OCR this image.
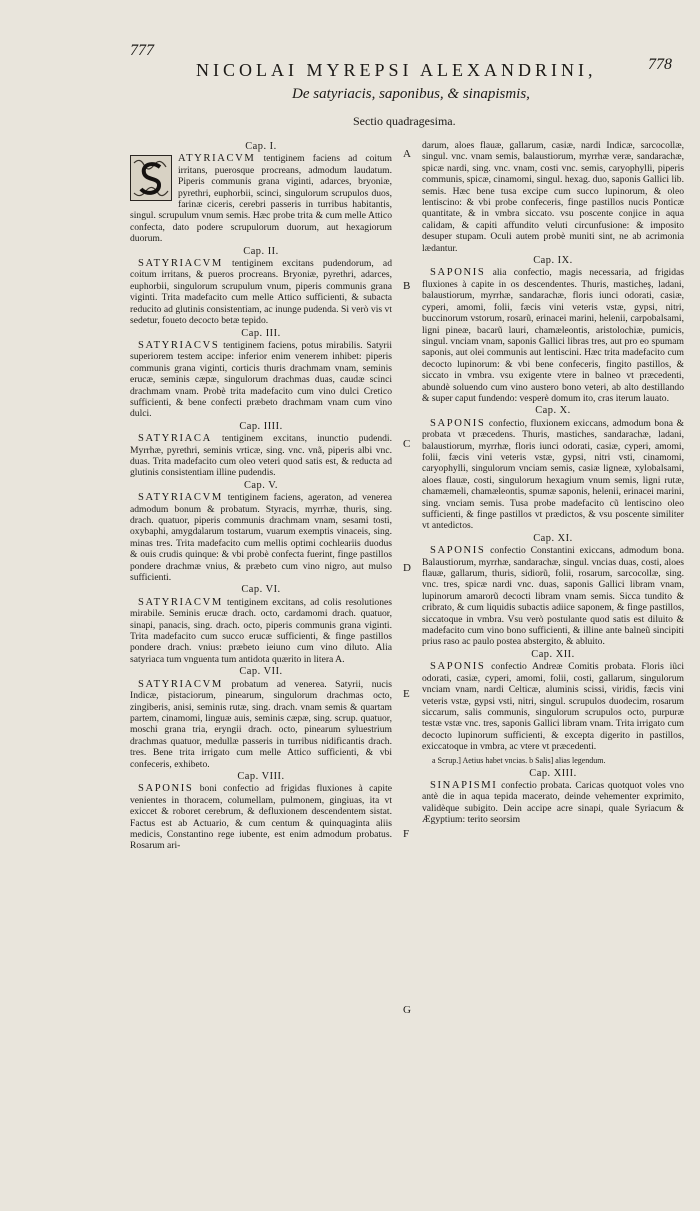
777
778
NICOLAI MYREPSI ALEXANDRINI,
De satyriacis, saponibus, & sinapismis,
Sectio quadragesima.
Cap. I.

ATYRIACVM tentiginem faciens ad coitum irritans, puerosque procreans, admodum laudatum. Piperis communis grana viginti, adarces, bryoniæ, pyrethri, euphorbii, scinci, singulorum scrupulos duos, farinæ ciceris, cerebri passeris in turribus habitantis, singul. scrupulum vnum semis. Hæc probe trita & cum melle Attico confecta, dato podere scrupulorum duorum, aut hexagiorum duorum.

Cap. II.

SATYRIACVM tentiginem excitans pudendorum, ad coitum irritans, & pueros procreans. Bryoniæ, pyrethri, adarces, euphorbii, singulorum scrupulum vnum, piperis communis grana viginti. Trita madefacito cum melle Attico sufficienti, & subacta reducito ad glutinis consistentiam, ac inunge pudenda. Si verò vis vt sedetur, foueto decocto betæ tepido.

Cap. III.

SATYRIACVS tentiginem faciens, potus mirabilis. Satyrii superiorem testem accipe: inferior enim venerem inhibet: piperis communis grana viginti, corticis thuris drachmam vnam, seminis erucæ, seminis cæpæ, singulorum drachmas duas, caudæ scinci drachmam vnam. Probè trita madefacito cum vino dulci Cretico sufficienti, & bene confecti præbeto drachmam vnam cum vino dulci.

Cap. IIII.

SATYRIACA tentiginem excitans, inunctio pudendi. Myrrhæ, pyrethri, seminis vrticæ, sing. vnc. vnã, piperis albi vnc. duas. Trita madefacito cum oleo veteri quod satis est, & reducta ad glutinis consistentiam illine pudendis.

Cap. V.

SATYRIACVM tentiginem faciens, ageraton, ad venerea admodum bonum & probatum. Styracis, myrrhæ, thuris, sing. drach. quatuor, piperis communis drachmam vnam, sesami tosti, oxybaphi, amygdalarum tostarum, vuarum exemptis vinaceis, sing. minas tres. Trita madefacito cum mellis optimi cochleariis duodus & ouis crudis quinque: & vbi probè confecta fuerint, finge pastillos pondere drachmæ vnius, & præbeto cum vino nigro, aut mulso sufficienti.

Cap. VI.

SATYRIACVM tentiginem excitans, ad colis resolutiones mirabile. Seminis erucæ drach. octo, cardamomi drach. quatuor, sinapi, panacis, sing. drach. octo, piperis communis grana viginti. Trita madefacito cum succo erucæ sufficienti, & finge pastillos pondere drach. vnius: præbeto ieiuno cum vino diluto. Alia satyriaca tum vnguenta tum antidota quærito in litera A.

Cap. VII.

SATYRIACVM probatum ad venerea. Satyrii, nucis Indicæ, pistaciorum, pinearum, singulorum drachmas octo, zingiberis, anisi, seminis rutæ, sing. drach. vnam semis & quartam partem, cinamomi, linguæ auis, seminis cæpæ, sing. scrup. quatuor, moschi grana tria, eryngii drach. octo, pinearum syluestrium drachmas quatuor, medullæ passeris in turribus nidificantis drach. tres. Bene trita irrigato cum melle Attico sufficienti, & vbi confeceris, exhibeto.

Cap. VIII.

SAPONIS boni confectio ad frigidas fluxiones à capite venientes in thoracem, columellam, pulmonem, gingiuas, ita vt exiccet & roboret cerebrum, & defluxionem descendentem sistat. Factus est ab Actuario, & cum centum & quinquaginta aliis medicis, Constantino rege iubente, est enim admodum probatus. Rosarum ari-

darum, aloes flauæ, gallarum, casiæ, nardi Indicæ, sarcocollæ, singul. vnc. vnam semis, balaustiorum, myrrhæ veræ, sandarachæ, spicæ nardi, sing. vnc. vnam, costi vnc. semis, caryophylli, piperis communis, spicæ, cinamomi, singul. hexag. duo, saponis Gallici lib. semis. Hæc bene tusa excipe cum succo lupinorum, & oleo lentiscino: & vbi probe confeceris, finge pastillos nucis Ponticæ quantitate, & in vmbra siccato. vsu poscente conjice in aqua calidam, & capiti affundito veluti circunfusione: & imposito desuper stupam. Oculi autem probè muniti sint, ne ab acrimonia lædantur.

Cap. IX.

SAPONIS alia confectio, magis necessaria, ad frigidas fluxiones à capite in os descendentes. Thuris, masticheș, ladani, balaustiorum, myrrhæ, sandarachæ, floris iunci odorati, casiæ, cyperi, amomi, folii, fæcis vini veteris vstæ, gypsi, nitri, buccinorum vstorum, rosarũ, erinacei marini, helenii, carpobalsami, ligni pineæ, bacarũ lauri, chamæleontis, aristolochiæ, pumicis, singul. vnciam vnam, saponis Gallici libras tres, aut pro eo spumam saponis, aut olei communis aut lentiscini. Hæc trita madefacito cum decocto lupinorum: & vbi bene confeceris, fingito pastillos, & siccato in vmbra. vsu exigente vtere in balneo vt præcedenti, abundè soluendo cum vino austero bono veteri, ab alto destillando & super caput fundendo: vesperè domum ito, cras iterum lauato.

Cap. X.

SAPONIS confectio, fluxionem exiccans, admodum bona & probata vt præcedens. Thuris, mastiches, sandarachæ, ladani, balaustiorum, myrrhæ, floris iunci odorati, casiæ, cyperi, amomi, folii, fæcis vini veteris vstæ, gypsi, nitri vsti, cinamomi, caryophylli, singulorum vnciam semis, casiæ ligneæ, xylobalsami, aloes flauæ, costi, singulorum hexagium vnum semis, ligni rutæ, chamæmeli, chamæleontis, spumæ saponis, helenii, erinacei marini, sing. vnciam semis. Tusa probe madefacito cũ lentiscino oleo sufficienti, & finge pastillos vt prædictos, & vsu poscente similiter vt antedictos.

Cap. XI.

SAPONIS confectio Constantini exiccans, admodum bona. Balaustiorum, myrrhæ, sandarachæ, singul. vncias duas, costi, aloes flauæ, gallarum, thuris, sidiorũ, folii, rosarum, sarcocollæ, sing. vnc. tres, spicæ nardi vnc. duas, saponis Gallici libram vnam, lupinorum amarorũ decocti libram vnam semis. Sicca tundito & cribrato, & cum liquidis subactis adiice saponem, & finge pastillos, siccatoque in vmbra. Vsu verò postulante quod satis est diluito & madefacito cum vino bono sufficienti, & illine ante balneũ sincipiti prius raso ac paulo postea abstergito, & abluito.

Cap. XII.

SAPONIS confectio Andreæ Comitis probata. Floris iũci odorati, casiæ, cyperi, amomi, folii, costi, gallarum, singulorum vnciam vnam, nardi Celticæ, aluminis scissi, viridis, fæcis vini veteris vstæ, gypsi vsti, nitri, singul. scrupulos duodecim, rosarum siccarum, salis communis, singulorum scrupulos octo, purpuræ testæ vstæ vnc. tres, saponis Gallici libram vnam. Trita irrigato cum decocto lupinorum sufficienti, & excepta digerito in pastillos, exiccatoque in vmbra, ac vtere vt præcedenti.

a Scrup.] Aetius habet vncias. b Salis] alias legendum.
Cap. XIII.

SINAPISMI confectio probata. Caricas quotquot voles vno antè die in aqua tepida macerato, deinde vehementer exprimito, validèque subigito. Dein accipe acre sinapi, quale Syriacum & Ægyptium: terito seorsim

A
B
C
D
E
F
G
